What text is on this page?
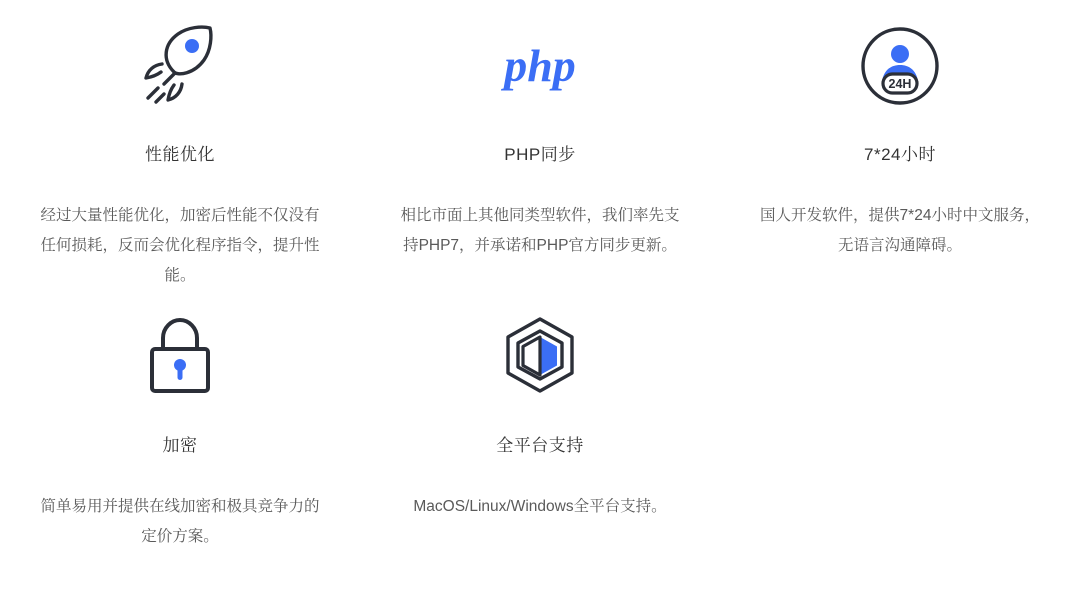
性能优化
经过大量性能优化，加密后性能不仅没有任何损耗，反而会优化程序指令，提升性能。
php
PHP同步
相比市面上其他同类型软件，我们率先支持PHP7，并承诺和PHP官方同步更新。
24H
7*24小时
国人开发软件，提供7*24小时中文服务，无语言沟通障碍。
加密
简单易用并提供在线加密和极具竞争力的定价方案。
全平台支持
MacOS/Linux/Windows全平台支持。
